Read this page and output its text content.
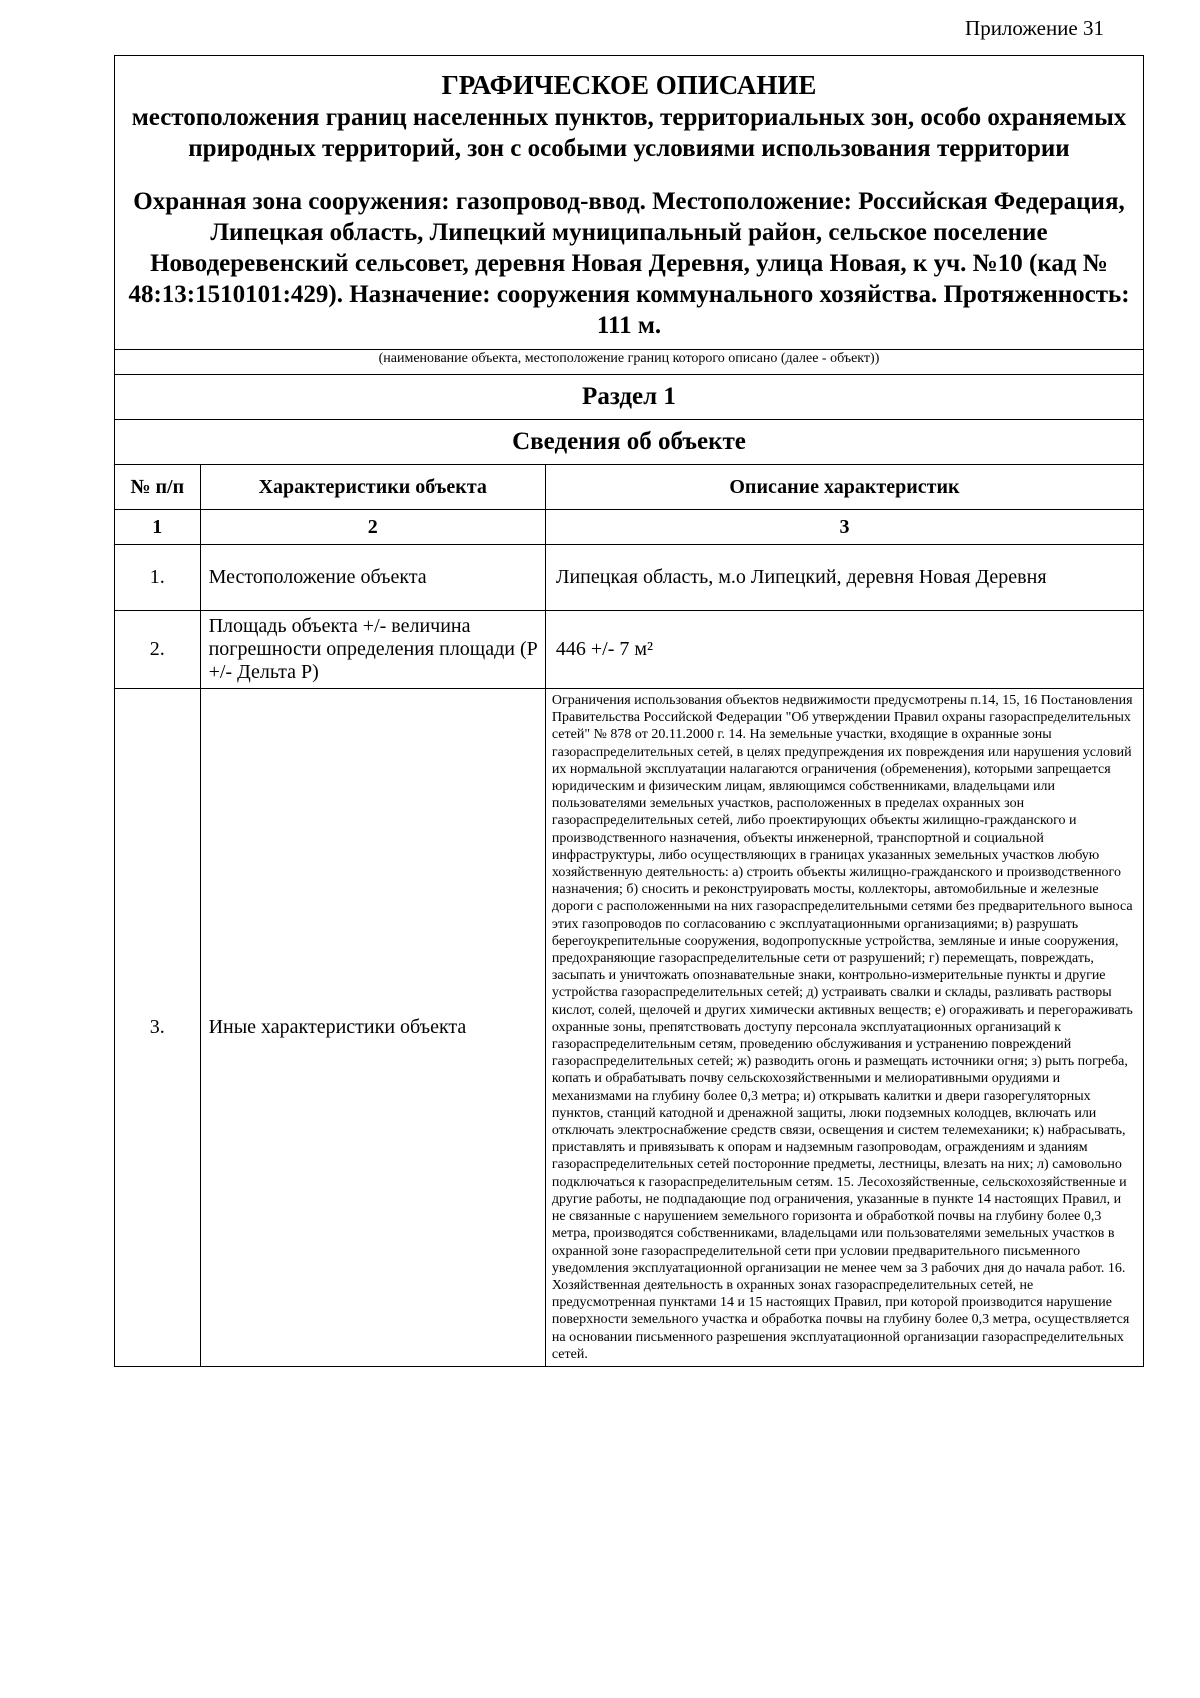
Приложение 31
ГРАФИЧЕСКОЕ ОПИСАНИЕ
местоположения границ населенных пунктов, территориальных зон, особо охраняемых природных территорий, зон с особыми условиями использования территории
Охранная зона сооружения: газопровод-ввод. Местоположение: Российская Федерация, Липецкая область, Липецкий муниципальный район, сельское поселение Новодеревенский сельсовет, деревня Новая Деревня, улица Новая, к уч. №10 (кад № 48:13:1510101:429). Назначение: сооружения коммунального хозяйства. Протяженность: 111 м.
(наименование объекта, местоположение границ которого описано (далее - объект))
Раздел 1
Сведения об объекте
№ п/п	Характеристики объекта	Описание характеристик
1	2	3
1.	Местоположение объекта	Липецкая область, м.о Липецкий, деревня Новая Деревня
2.	Площадь объекта +/- величина погрешности определения площади (Р +/- Дельта Р)	446 +/- 7 м²
3.	Иные характеристики объекта	Ограничения использования объектов недвижимости предусмотрены п.14, 15, 16 Постановления Правительства Российской Федерации "Об утверждении Правил охраны газораспределительных сетей" № 878 от 20.11.2000 г. 14. На земельные участки, входящие в охранные зоны газораспределительных сетей, в целях предупреждения их повреждения или нарушения условий их нормальной эксплуатации налагаются ограничения (обременения), которыми запрещается юридическим и физическим лицам, являющимся собственниками, владельцами или пользователями земельных участков, расположенных в пределах охранных зон газораспределительных сетей, либо проектирующих объекты жилищно-гражданского и производственного назначения, объекты инженерной, транспортной и социальной инфраструктуры, либо осуществляющих в границах указанных земельных участков любую хозяйственную деятельность: а) строить объекты жилищно-гражданского и производственного назначения; б) сносить и реконструировать мосты, коллекторы, автомобильные и железные дороги с расположенными на них газораспределительными сетями без предварительного выноса этих газопроводов по согласованию с эксплуатационными организациями; в) разрушать берегоукрепительные сооружения, водопропускные устройства, земляные и иные сооружения, предохраняющие газораспределительные сети от разрушений; г) перемещать, повреждать, засыпать и уничтожать опознавательные знаки, контрольно-измерительные пункты и другие устройства газораспределительных сетей; д) устраивать свалки и склады, разливать растворы кислот, солей, щелочей и других химически активных веществ; е) огораживать и перегораживать охранные зоны, препятствовать доступу персонала эксплуатационных организаций к газораспределительным сетям, проведению обслуживания и устранению повреждений газораспределительных сетей; ж) разводить огонь и размещать источники огня; з) рыть погреба, копать и обрабатывать почву сельскохозяйственными и мелиоративными орудиями и механизмами на глубину более 0,3 метра; и) открывать калитки и двери газорегуляторных пунктов, станций катодной и дренажной защиты, люки подземных колодцев, включать или отключать электроснабжение средств связи, освещения и систем телемеханики; к) набрасывать, приставлять и привязывать к опорам и надземным газопроводам, ограждениям и зданиям газораспределительных сетей посторонние предметы, лестницы, влезать на них; л) самовольно подключаться к газораспределительным сетям. 15. Лесохозяйственные, сельскохозяйственные и другие работы, не подпадающие под ограничения, указанные в пункте 14 настоящих Правил, и не связанные с нарушением земельного горизонта и обработкой почвы на глубину более 0,3 метра, производятся собственниками, владельцами или пользователями земельных участков в охранной зоне газораспределительной сети при условии предварительного письменного уведомления эксплуатационной организации не менее чем за 3 рабочих дня до начала работ. 16. Хозяйственная деятельность в охранных зонах газораспределительных сетей, не предусмотренная пунктами 14 и 15 настоящих Правил, при которой производится нарушение поверхности земельного участка и обработка почвы на глубину более 0,3 метра, осуществляется на основании письменного разрешения эксплуатационной организации газораспределительных сетей.
